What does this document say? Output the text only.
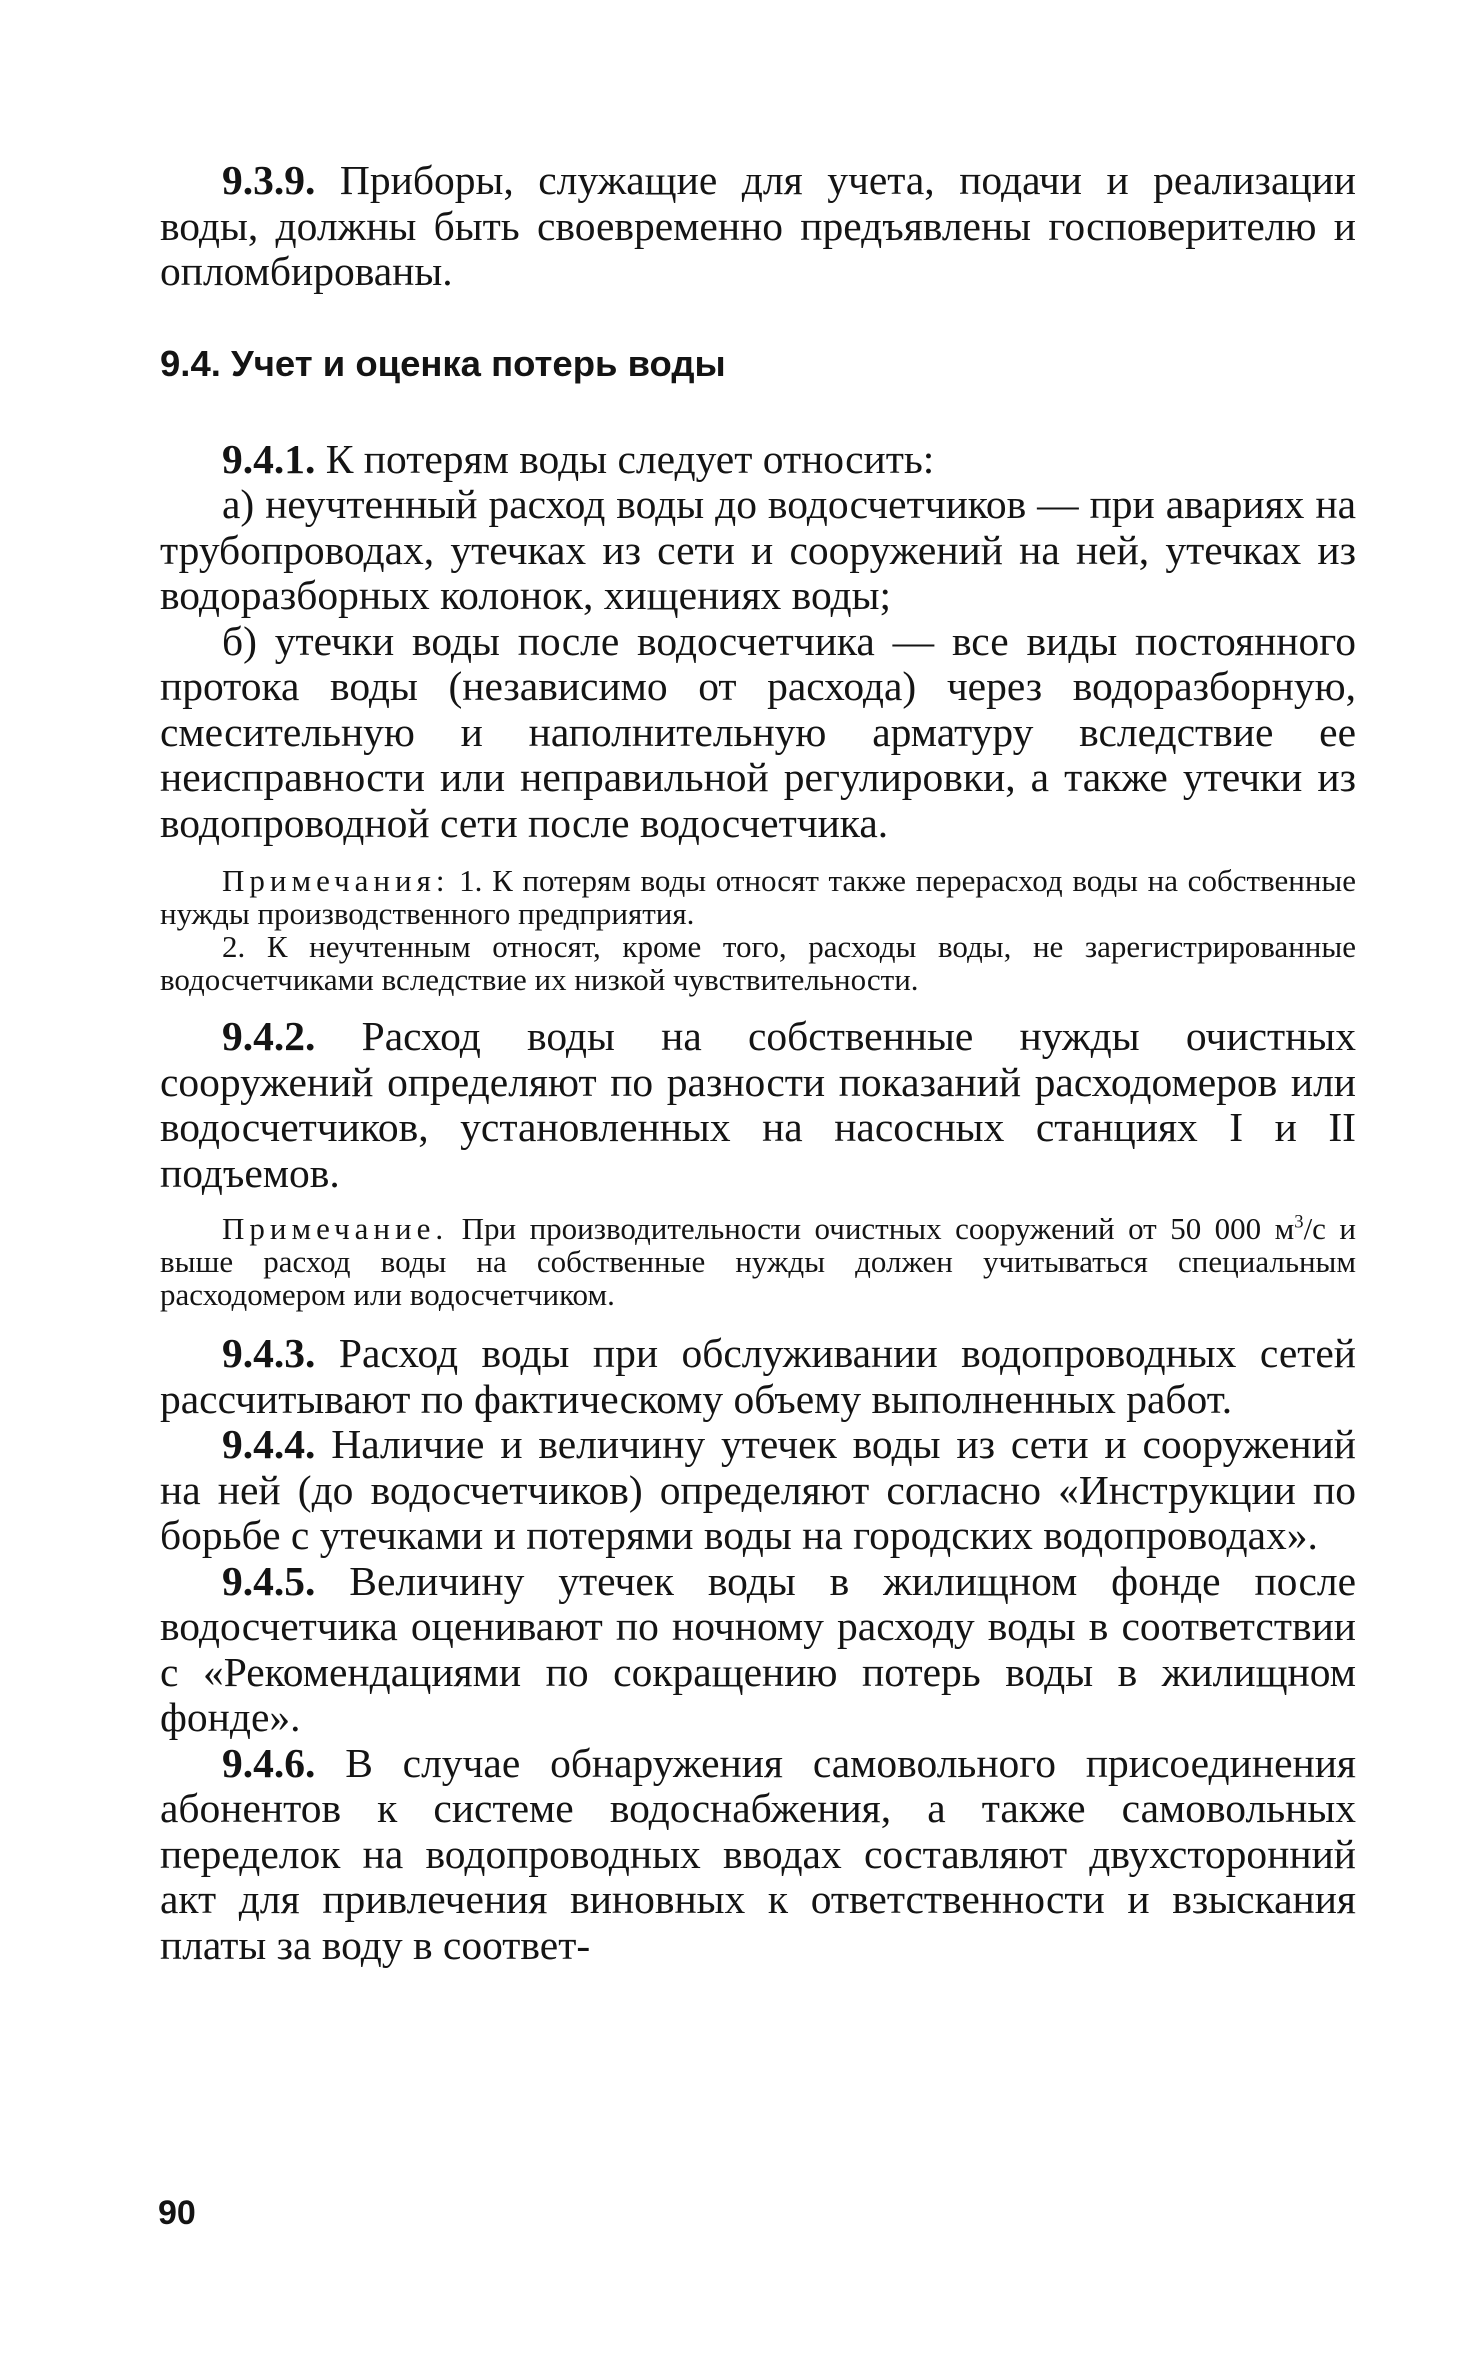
9.3.9. Приборы, служащие для учета, подачи и реализации воды, должны быть своевременно предъявлены госповерителю и опломбированы.

9.4. Учет и оценка потерь воды

9.4.1. К потерям воды следует относить:

а) неучтенный расход воды до водосчетчиков — при авариях на трубопроводах, утечках из сети и сооружений на ней, утечках из водоразборных колонок, хищениях воды;

б) утечки воды после водосчетчика — все виды постоянного протока воды (независимо от расхода) через водоразборную, смесительную и наполнительную арматуру вследствие ее неисправности или неправильной регулировки, а также утечки из водопроводной сети после водосчетчика.

Примечания: 1. К потерям воды относят также перерасход воды на собственные нужды производственного предприятия.

2. К неучтенным относят, кроме того, расходы воды, не зарегистрированные водосчетчиками вследствие их низкой чувствительности.

9.4.2. Расход воды на собственные нужды очистных сооружений определяют по разности показаний расходомеров или водосчетчиков, установленных на насосных станциях I и II подъемов.

Примечание. При производительности очистных сооружений от 50 000 $м^3/с$ и выше расход воды на собственные нужды должен учитываться специальным расходомером или водосчетчиком.

9.4.3. Расход воды при обслуживании водопроводных сетей рассчитывают по фактическому объему выполненных работ.

9.4.4. Наличие и величину утечек воды из сети и сооружений на ней (до водосчетчиков) определяют согласно «Инструкции по борьбе с утечками и потерями воды на городских водопроводах».

9.4.5. Величину утечек воды в жилищном фонде после водосчетчика оценивают по ночному расходу воды в соответствии с «Рекомендациями по сокращению потерь воды в жилищном фонде».

9.4.6. В случае обнаружения самовольного присоединения абонентов к системе водоснабжения, а также самовольных переделок на водопроводных вводах составляют двухсторонний акт для привлечения виновных к ответственности и взыскания платы за воду в соответ-

90
